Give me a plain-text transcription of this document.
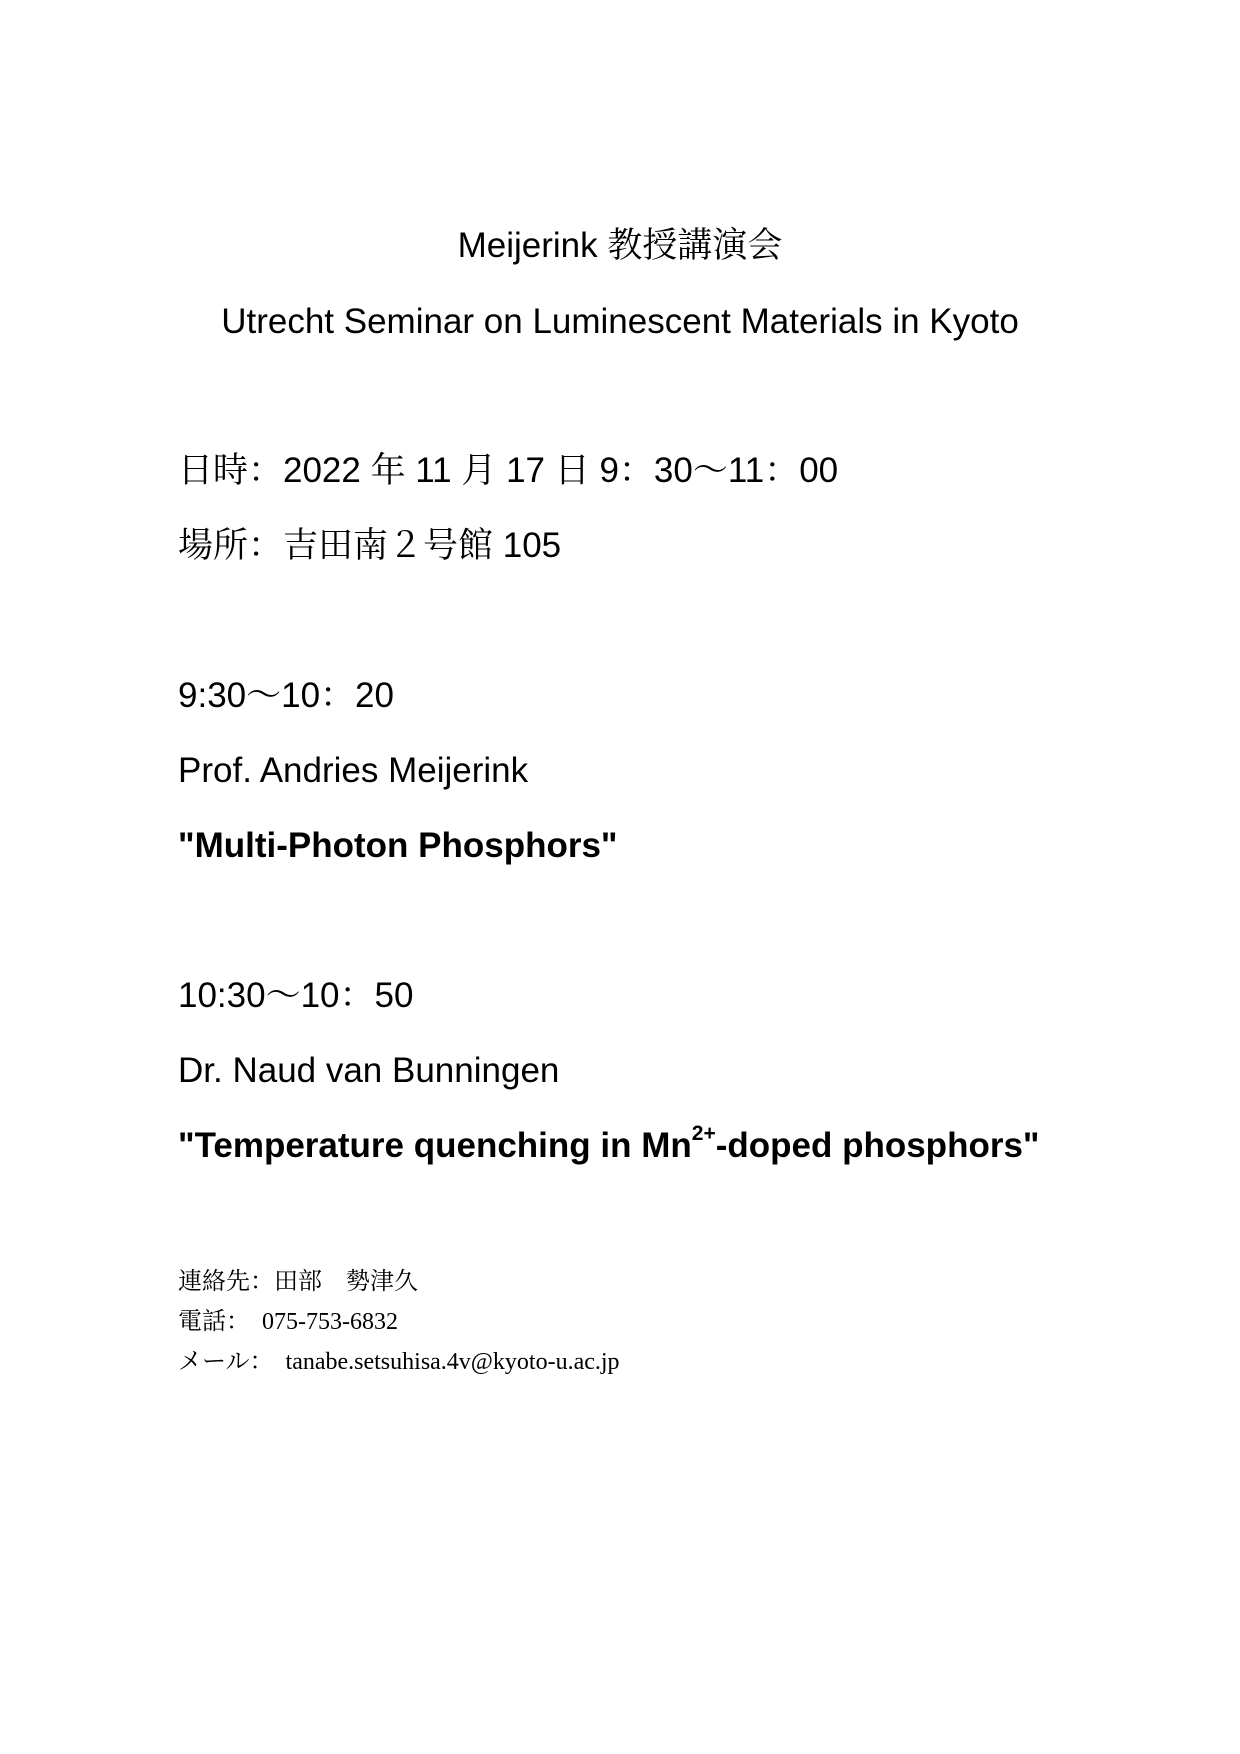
Meijerink 教授講演会
Utrecht Seminar on Luminescent Materials in Kyoto
日時：2022 年 11 月 17 日 9：30～11：00
場所：吉田南２号館 105
9:30～10：20
Prof. Andries Meijerink
"Multi-Photon Phosphors"
10:30～10：50
Dr. Naud van Bunningen
"Temperature quenching in $Mn^{2+}$-doped phosphors"
連絡先：田部　勢津久
電話：　075-753-6832
メール：　tanabe.setsuhisa.4v@kyoto-u.ac.jp
